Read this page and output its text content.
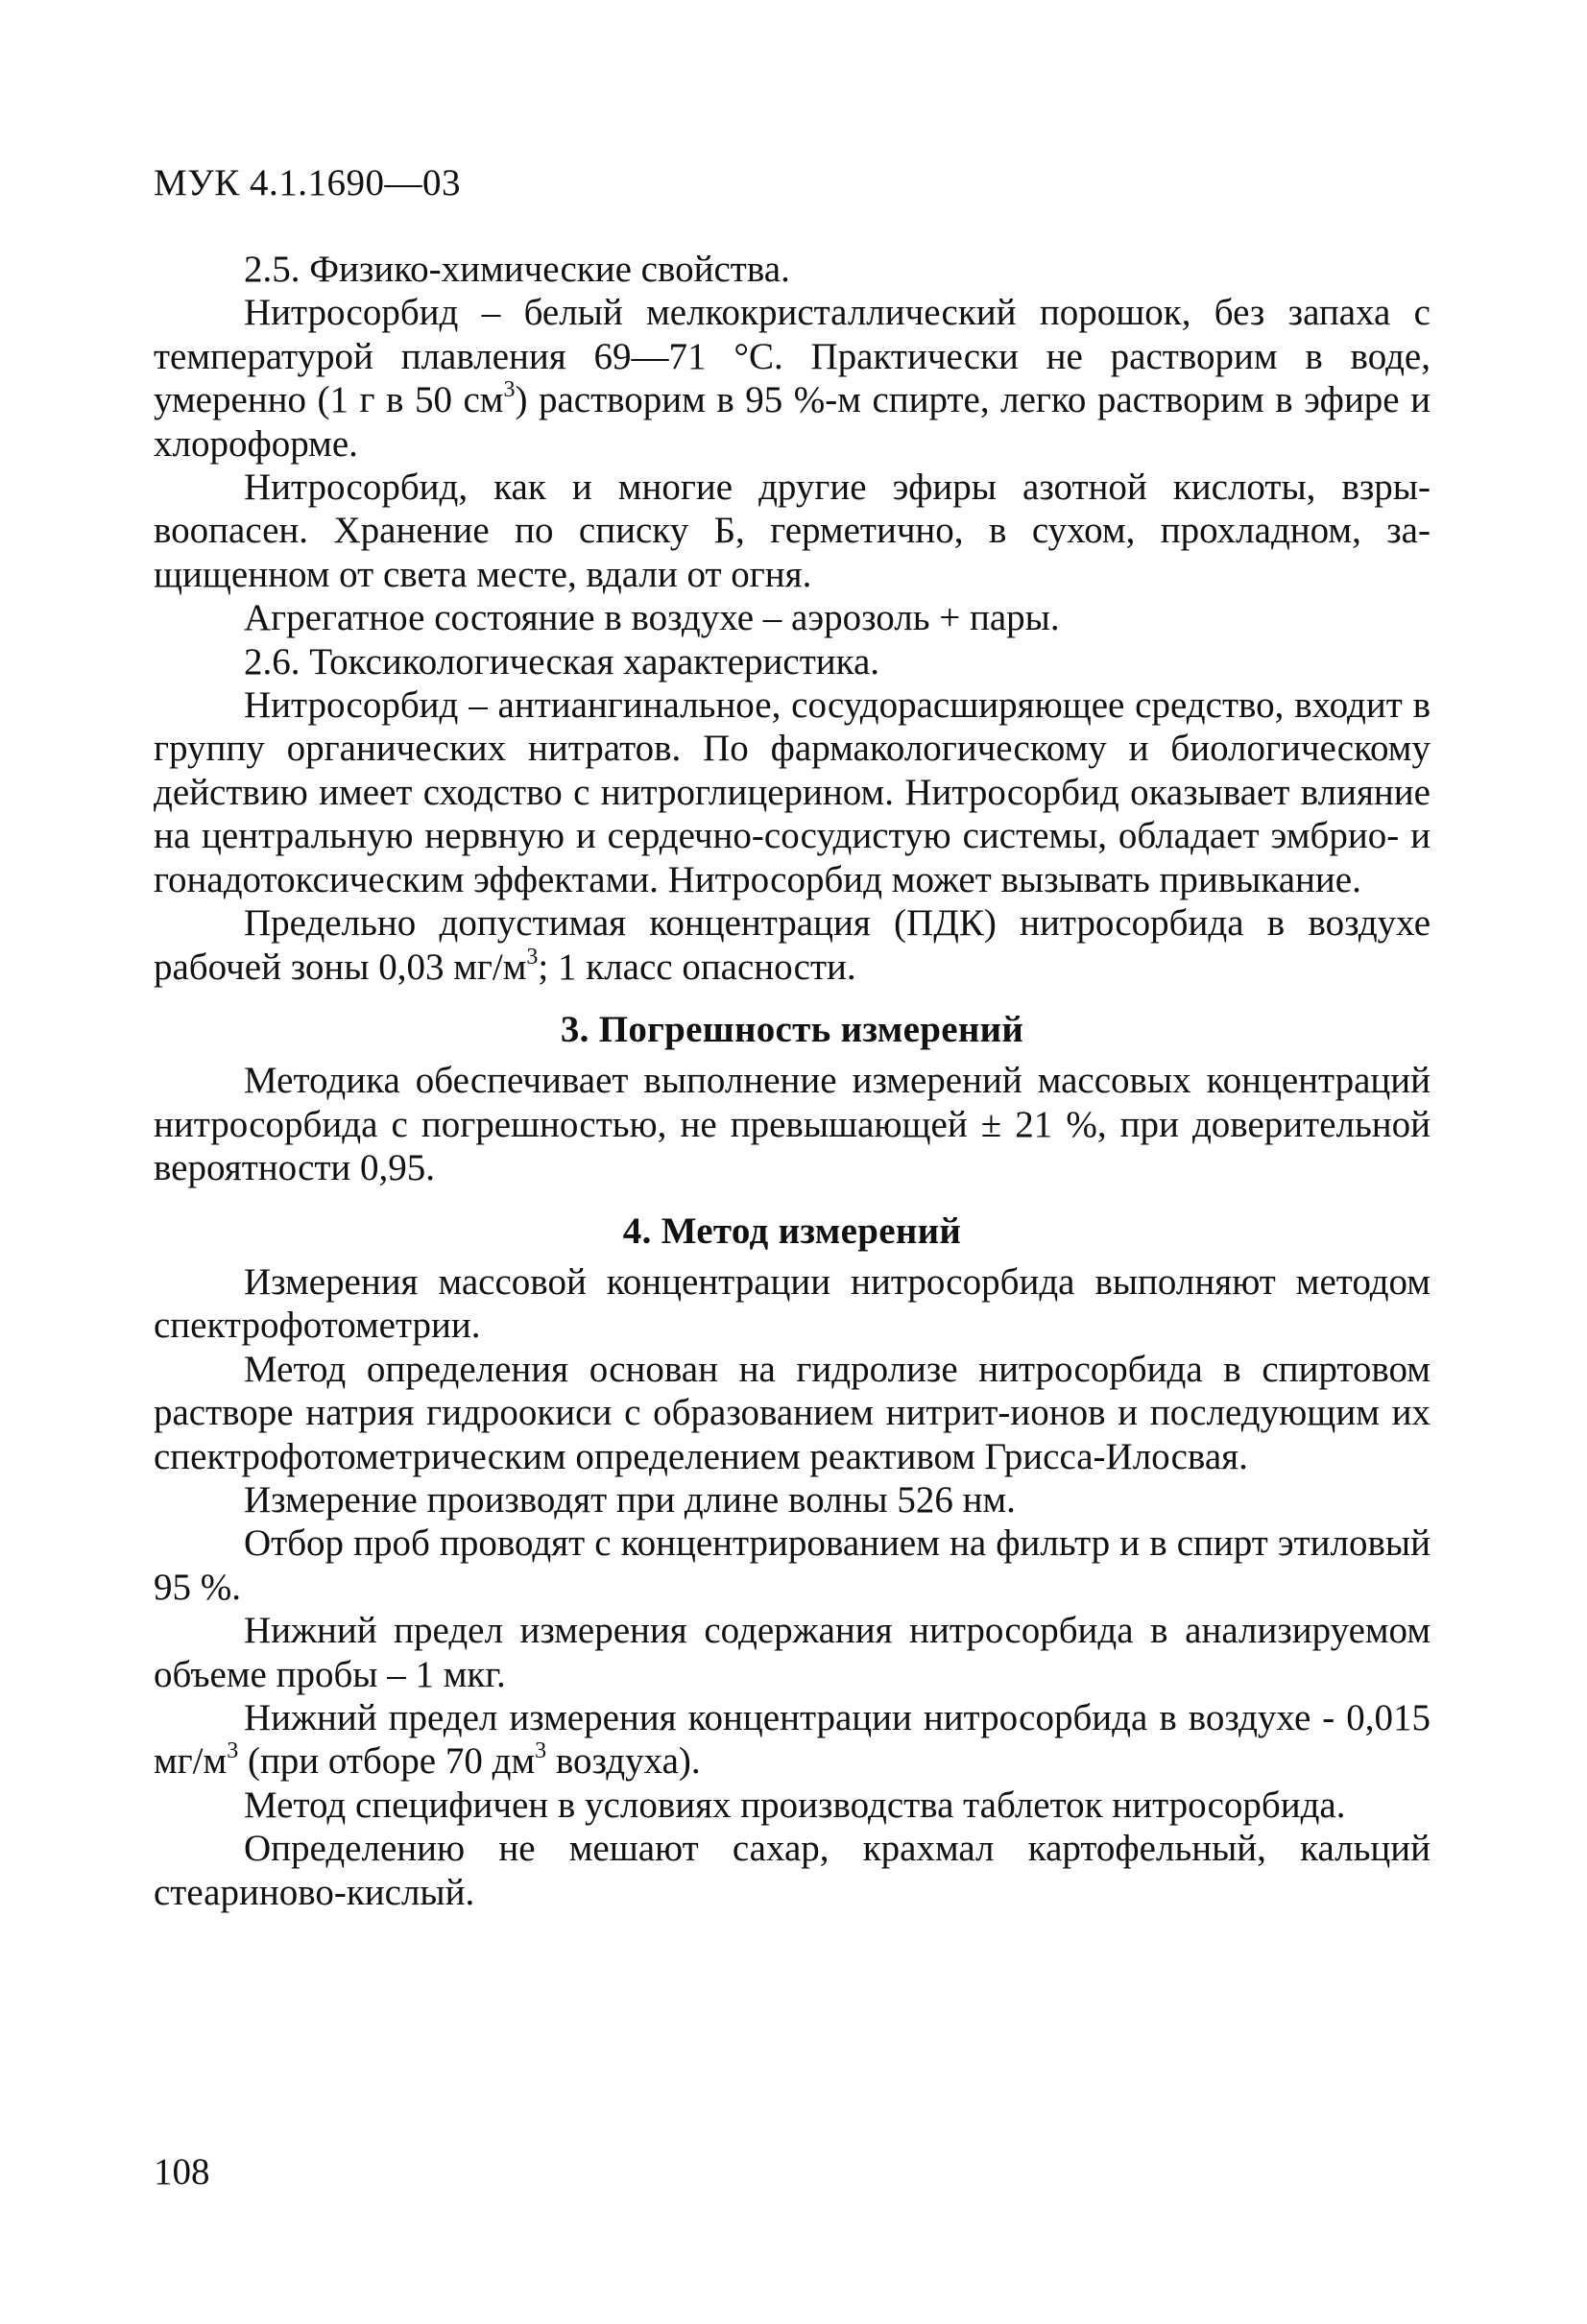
МУК 4.1.1690—03

2.5. Физико-химические свойства.

Нитросорбид – белый мелкокристаллический порошок, без запаха с температурой плавления 69—71 °С. Практически не растворим в воде, умеренно (1 г в 50 $см^3$) растворим в 95 %-м спирте, легко растворим в эфире и хлороформе.

Нитросорбид, как и многие другие эфиры азотной кислоты, взрывоопасен. Хранение по списку Б, герметично, в сухом, прохладном, защищенном от света месте, вдали от огня.

Агрегатное состояние в воздухе – аэрозоль + пары.

2.6. Токсикологическая характеристика.

Нитросорбид – антиангинальное, сосудорасширяющее средство, входит в группу органических нитратов. По фармакологическому и биологическому действию имеет сходство с нитроглицерином. Нитросорбид оказывает влияние на центральную нервную и сердечно-сосудистую системы, обладает эмбрио- и гонадотоксическим эффектами. Нитросорбид может вызывать привыкание.

Предельно допустимая концентрация (ПДК) нитросорбида в воздухе рабочей зоны 0,03 $мг/м^3$; 1 класс опасности.

3. Погрешность измерений

Методика обеспечивает выполнение измерений массовых концентраций нитросорбида с погрешностью, не превышающей ± 21 %, при доверительной вероятности 0,95.

4. Метод измерений

Измерения массовой концентрации нитросорбида выполняют методом спектрофотометрии.

Метод определения основан на гидролизе нитросорбида в спиртовом растворе натрия гидроокиси с образованием нитрит-ионов и последующим их спектрофотометрическим определением реактивом Грисса-Илосвая.

Измерение производят при длине волны 526 нм.

Отбор проб проводят с концентрированием на фильтр и в спирт этиловый 95 %.

Нижний предел измерения содержания нитросорбида в анализируемом объеме пробы – 1 мкг.

Нижний предел измерения концентрации нитросорбида в воздухе - 0,015 $мг/м^3$ (при отборе 70 $дм^3$ воздуха).

Метод специфичен в условиях производства таблеток нитросорбида.

Определению не мешают сахар, крахмал картофельный, кальций стеариново-кислый.

108
